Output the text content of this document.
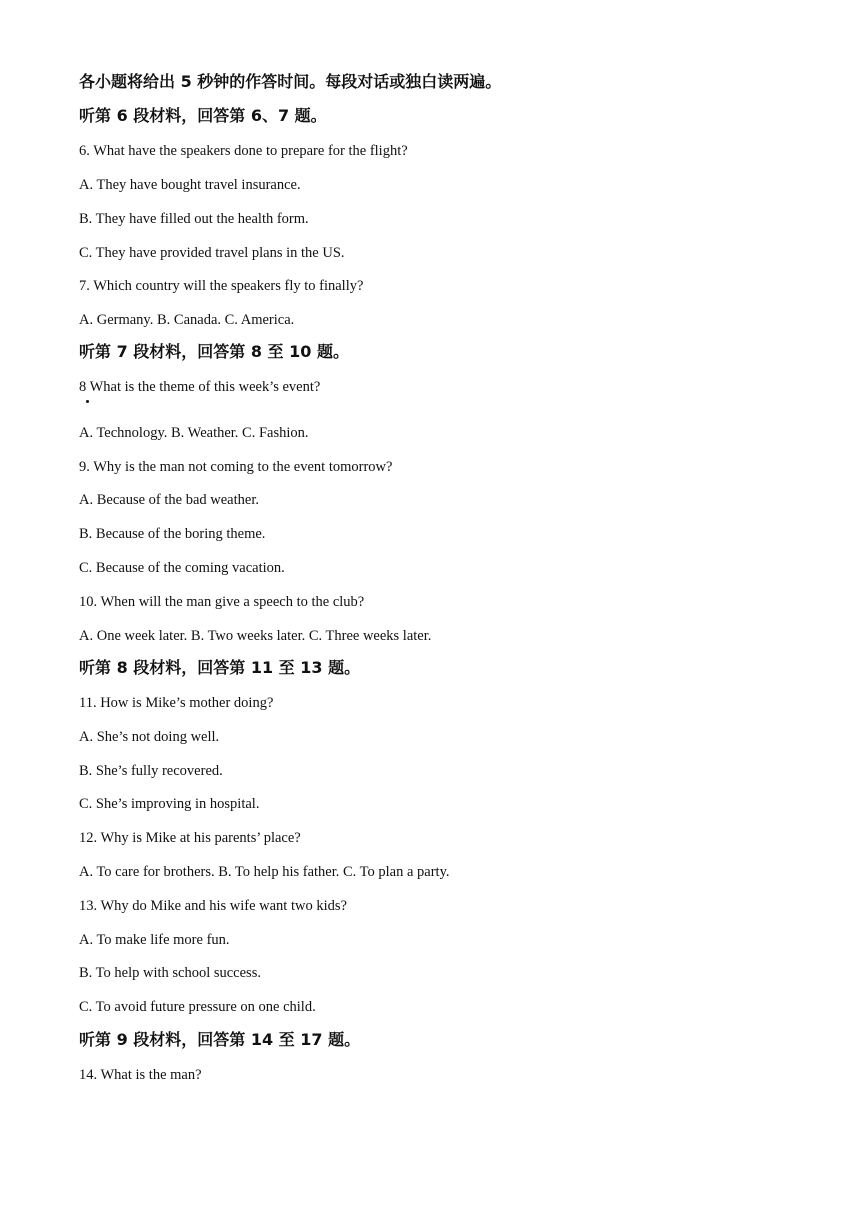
各小题将给出 5 秒钟的作答时间。每段对话或独白读两遍。
听第 6 段材料，回答第 6、7 题。
6. What have the speakers done to prepare for the flight?
A. They have bought travel insurance.
B. They have filled out the health form.
C. They have provided travel plans in the US.
7. Which country will the speakers fly to finally?
A. Germany. B. Canada. C. America.
听第 7 段材料，回答第 8 至 10 题。
8 What is the theme of this week’s event?
A. Technology. B. Weather. C. Fashion.
9. Why is the man not coming to the event tomorrow?
A. Because of the bad weather.
B. Because of the boring theme.
C. Because of the coming vacation.
10. When will the man give a speech to the club?
A. One week later. B. Two weeks later. C. Three weeks later.
听第 8 段材料，回答第 11 至 13 题。
11. How is Mike’s mother doing?
A. She’s not doing well.
B. She’s fully recovered.
C. She’s improving in hospital.
12. Why is Mike at his parents’ place?
A. To care for brothers. B. To help his father. C. To plan a party.
13. Why do Mike and his wife want two kids?
A. To make life more fun.
B. To help with school success.
C. To avoid future pressure on one child.
听第 9 段材料，回答第 14 至 17 题。
14. What is the man?
